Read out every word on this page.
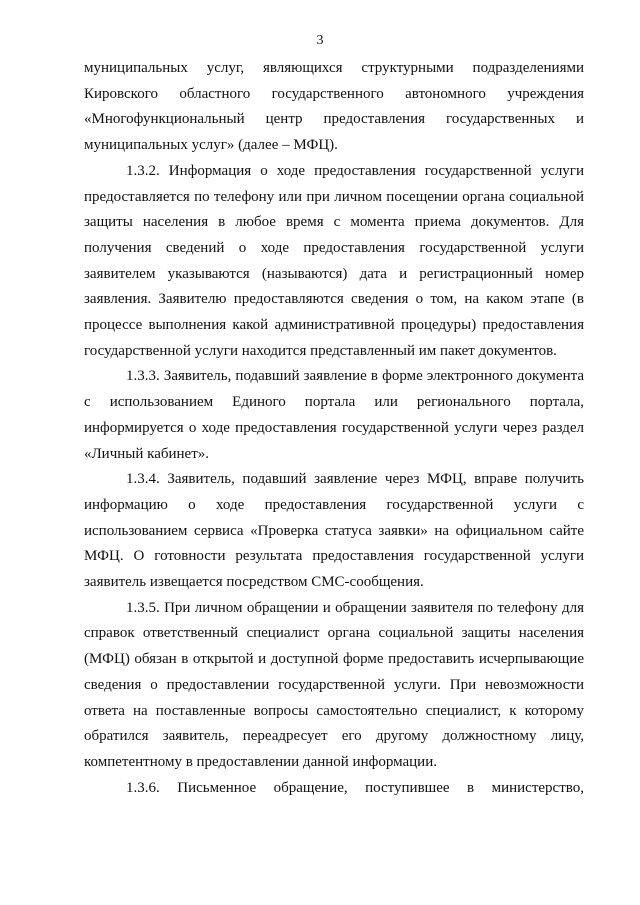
3

муниципальных услуг, являющихся структурными подразделениями Кировского областного государственного автономного учреждения «Многофункциональный центр предоставления государственных и муниципальных услуг» (далее – МФЦ).

1.3.2. Информация о ходе предоставления государственной услуги предоставляется по телефону или при личном посещении органа социальной защиты населения в любое время с момента приема документов. Для получения сведений о ходе предоставления государственной услуги заявителем указываются (называются) дата и регистрационный номер заявления. Заявителю предоставляются сведения о том, на каком этапе (в процессе выполнения какой административной процедуры) предоставления государственной услуги находится представленный им пакет документов.

1.3.3. Заявитель, подавший заявление в форме электронного документа с использованием Единого портала или регионального портала, информируется о ходе предоставления государственной услуги через раздел «Личный кабинет».

1.3.4. Заявитель, подавший заявление через МФЦ, вправе получить информацию о ходе предоставления государственной услуги с использованием сервиса «Проверка статуса заявки» на официальном сайте МФЦ. О готовности результата предоставления государственной услуги заявитель извещается посредством СМС-сообщения.

1.3.5. При личном обращении и обращении заявителя по телефону для справок ответственный специалист органа социальной защиты населения (МФЦ) обязан в открытой и доступной форме предоставить исчерпывающие сведения о предоставлении государственной услуги. При невозможности ответа на поставленные вопросы самостоятельно специалист, к которому обратился заявитель, переадресует его другому должностному лицу, компетентному в предоставлении данной информации.

1.3.6. Письменное обращение, поступившее в министерство,
